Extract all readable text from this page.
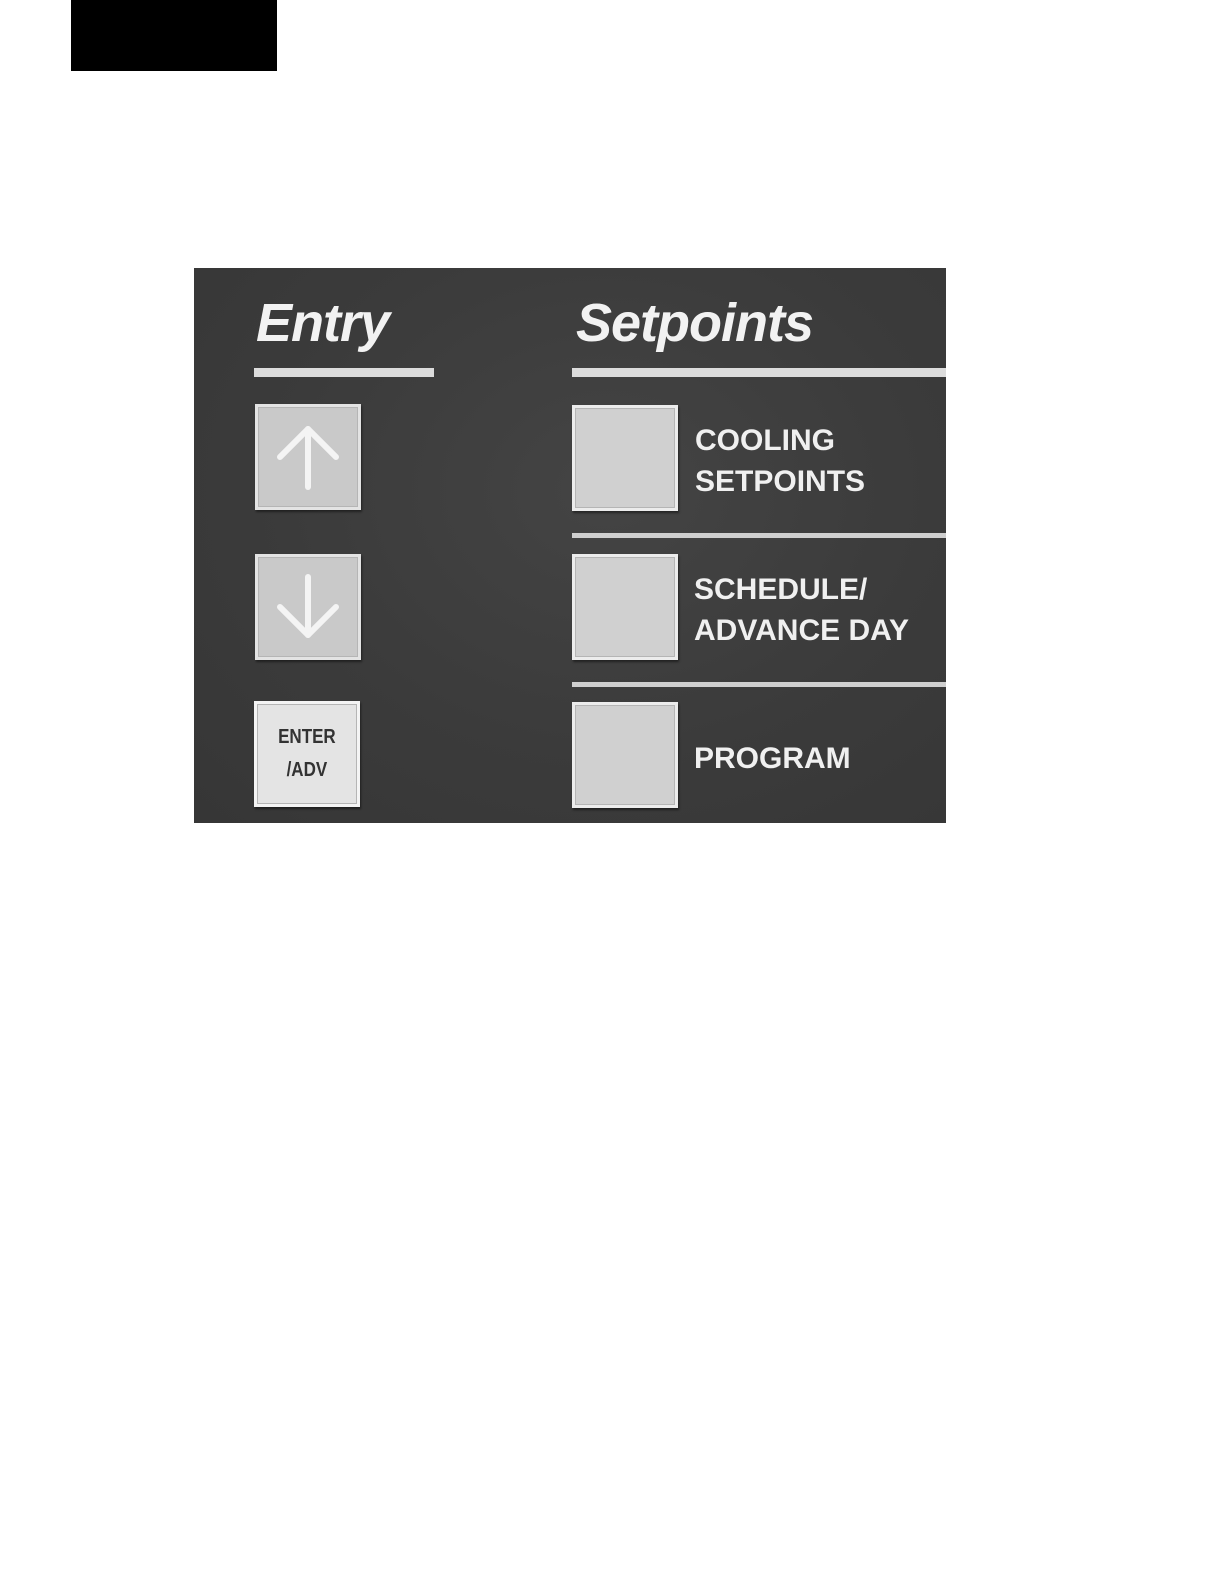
Entry	Setpoints
ENTER
/ADV
COOLING
SETPOINTS
SCHEDULE/
ADVANCE DAY
PROGRAM
